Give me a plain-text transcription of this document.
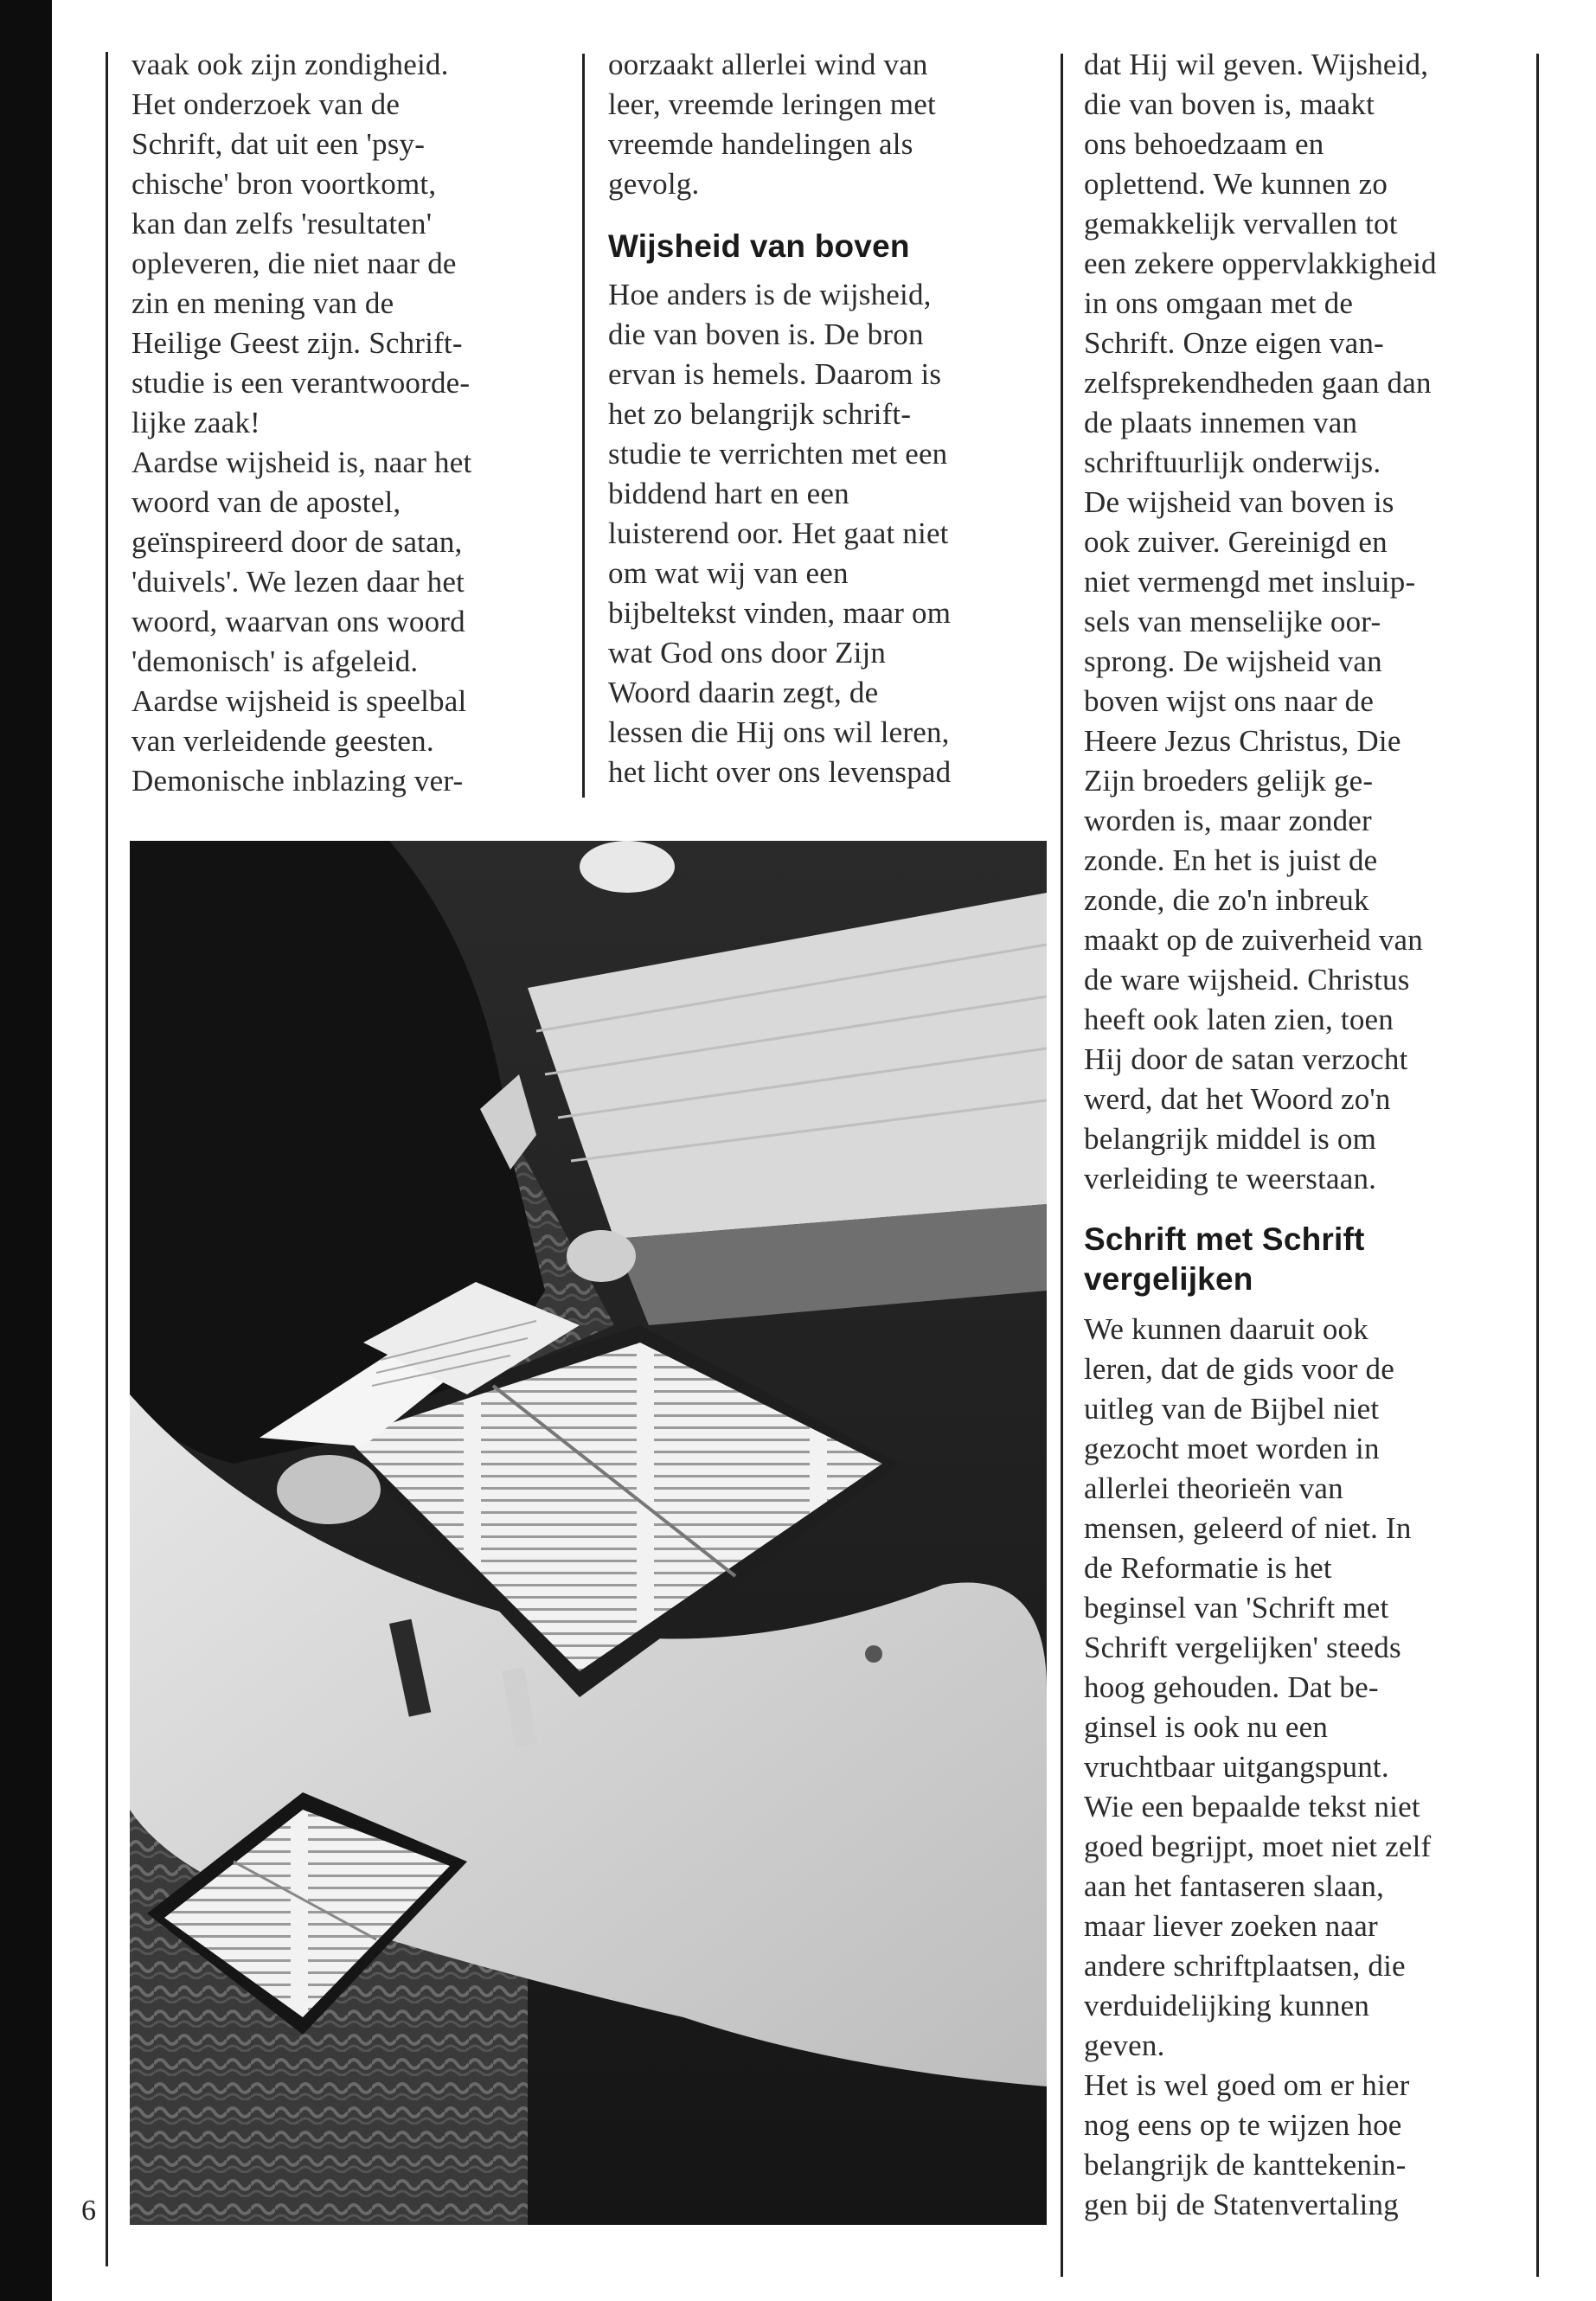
vaak ook zijn zondigheid.
Het onderzoek van de
Schrift, dat uit een 'psy-
chische' bron voortkomt,
kan dan zelfs 'resultaten'
opleveren, die niet naar de
zin en mening van de
Heilige Geest zijn. Schrift-
studie is een verantwoorde-
lijke zaak!

Aardse wijsheid is, naar het
woord van de apostel,
geïnspireerd door de satan,
'duivels'. We lezen daar het
woord, waarvan ons woord
'demonisch' is afgeleid.
Aardse wijsheid is speelbal
van verleidende geesten.
Demonische inblazing ver-

oorzaakt allerlei wind van
leer, vreemde leringen met
vreemde handelingen als
gevolg.

Wijsheid van boven

Hoe anders is de wijsheid,
die van boven is. De bron
ervan is hemels. Daarom is
het zo belangrijk schrift-
studie te verrichten met een
biddend hart en een
luisterend oor. Het gaat niet
om wat wij van een
bijbeltekst vinden, maar om
wat God ons door Zijn
Woord daarin zegt, de
lessen die Hij ons wil leren,
het licht over ons levenspad

dat Hij wil geven. Wijsheid,
die van boven is, maakt
ons behoedzaam en
oplettend. We kunnen zo
gemakkelijk vervallen tot
een zekere oppervlakkigheid
in ons omgaan met de
Schrift. Onze eigen van-
zelfsprekendheden gaan dan
de plaats innemen van
schriftuurlijk onderwijs.

De wijsheid van boven is
ook zuiver. Gereinigd en
niet vermengd met insluip-
sels van menselijke oor-
sprong. De wijsheid van
boven wijst ons naar de
Heere Jezus Christus, Die
Zijn broeders gelijk ge-
worden is, maar zonder
zonde. En het is juist de
zonde, die zo'n inbreuk
maakt op de zuiverheid van
de ware wijsheid. Christus
heeft ook laten zien, toen
Hij door de satan verzocht
werd, dat het Woord zo'n
belangrijk middel is om
verleiding te weerstaan.

Schrift met Schrift
vergelijken

We kunnen daaruit ook
leren, dat de gids voor de
uitleg van de Bijbel niet
gezocht moet worden in
allerlei theorieën van
mensen, geleerd of niet. In
de Reformatie is het
beginsel van 'Schrift met
Schrift vergelijken' steeds
hoog gehouden. Dat be-
ginsel is ook nu een
vruchtbaar uitgangspunt.
Wie een bepaalde tekst niet
goed begrijpt, moet niet zelf
aan het fantaseren slaan,
maar liever zoeken naar
andere schriftplaatsen, die
verduidelijking kunnen
geven.

Het is wel goed om er hier
nog eens op te wijzen hoe
belangrijk de kanttekenin-
gen bij de Statenvertaling

6
